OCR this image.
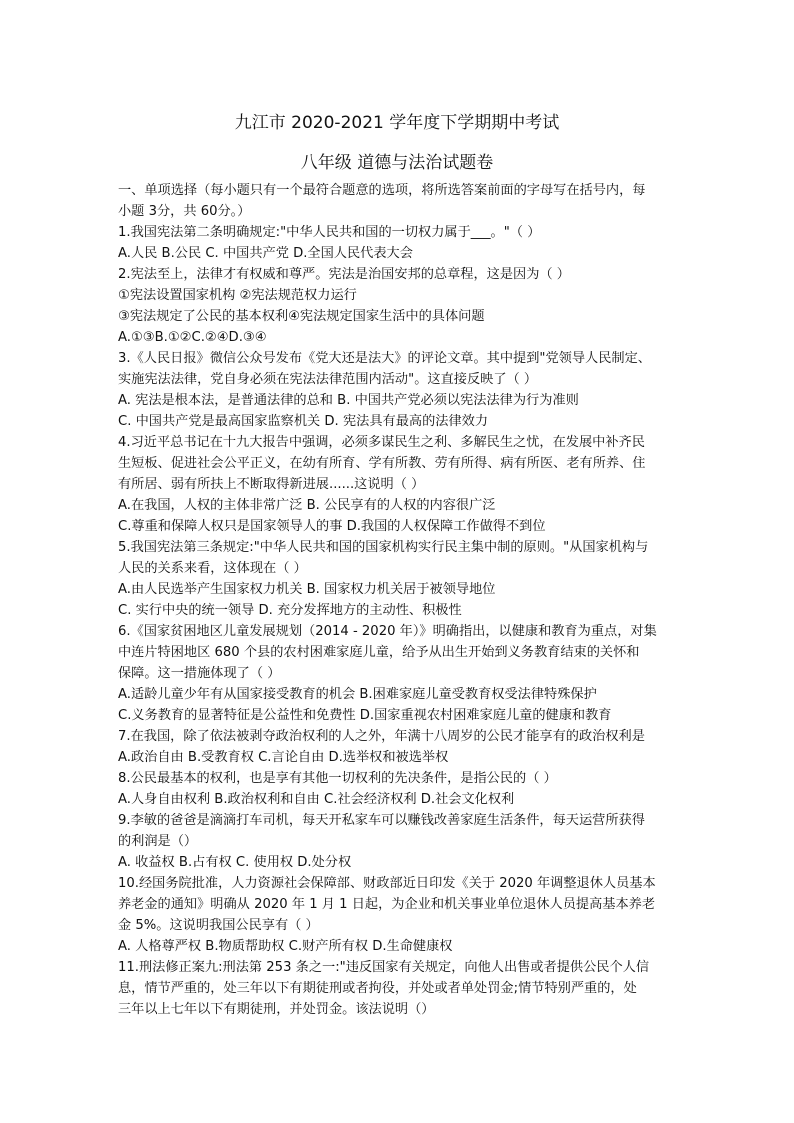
九江市 2020-2021 学年度下学期期中考试
八年级 道德与法治试题卷
一、单项选择（每小题只有一个最符合题意的选项，将所选答案前面的字母写在括号内，每
小题 3分，共 60分。）
1.我国宪法第二条明确规定:"中华人民共和国的一切权力属于___。"（ ）
A.人民 B.公民 C. 中国共产党 D.全国人民代表大会
2.宪法至上，法律才有权威和尊严。宪法是治国安邦的总章程，这是因为（ ）
①宪法设置国家机构 ②宪法规范权力运行
③宪法规定了公民的基本权利④宪法规定国家生活中的具体问题
A.①③B.①②C.②④D.③④
3.《人民日报》微信公众号发布《党大还是法大》的评论文章。其中提到"党领导人民制定、
实施宪法法律，党自身必须在宪法法律范围内活动"。这直接反映了（ ）
A. 宪法是根本法，是普通法律的总和 B. 中国共产党必须以宪法法律为行为准则
C. 中国共产党是最高国家监察机关 D. 宪法具有最高的法律效力
4.习近平总书记在十九大报告中强调，必须多谋民生之利、多解民生之忧，在发展中补齐民
生短板、促进社会公平正义，在幼有所育、学有所教、劳有所得、病有所医、老有所养、住
有所居、弱有所扶上不断取得新进展......这说明（ ）
A.在我国，人权的主体非常广泛 B. 公民享有的人权的内容很广泛
C.尊重和保障人权只是国家领导人的事 D.我国的人权保障工作做得不到位
5.我国宪法第三条规定:"中华人民共和国的国家机构实行民主集中制的原则。"从国家机构与
人民的关系来看，这体现在（ ）
A.由人民选举产生国家权力机关 B. 国家权力机关居于被领导地位
C. 实行中央的统一领导 D. 充分发挥地方的主动性、积极性
6.《国家贫困地区儿童发展规划（2014 - 2020 年）》明确指出，以健康和教育为重点，对集
中连片特困地区 680 个县的农村困难家庭儿童，给予从出生开始到义务教育结束的关怀和
保障。这一措施体现了（ ）
A.适龄儿童少年有从国家接受教育的机会 B.困难家庭儿童受教育权受法律特殊保护
C.义务教育的显著特征是公益性和免费性 D.国家重视农村困难家庭儿童的健康和教育
7.在我国，除了依法被剥夺政治权利的人之外，年满十八周岁的公民才能享有的政治权利是
A.政治自由 B.受教育权 C.言论自由 D.选举权和被选举权
8.公民最基本的权利，也是享有其他一切权利的先决条件，是指公民的（ ）
A.人身自由权利 B.政治权利和自由 C.社会经济权利 D.社会文化权利
9.李敏的爸爸是滴滴打车司机，每天开私家车可以赚钱改善家庭生活条件，每天运营所获得
的利润是（）
A. 收益权 B.占有权 C. 使用权 D.处分权
10.经国务院批准，人力资源社会保障部、财政部近日印发《关于 2020 年调整退休人员基本
养老金的通知》明确从 2020 年 1 月 1 日起，为企业和机关事业单位退休人员提高基本养老
金 5%。这说明我国公民享有（ ）
A. 人格尊严权 B.物质帮助权 C.财产所有权 D.生命健康权
11.刑法修正案九:刑法第 253 条之一:"违反国家有关规定，向他人出售或者提供公民个人信
息，情节严重的，处三年以下有期徒刑或者拘役，并处或者单处罚金;情节特别严重的，处
三年以上七年以下有期徒刑，并处罚金。该法说明（）
